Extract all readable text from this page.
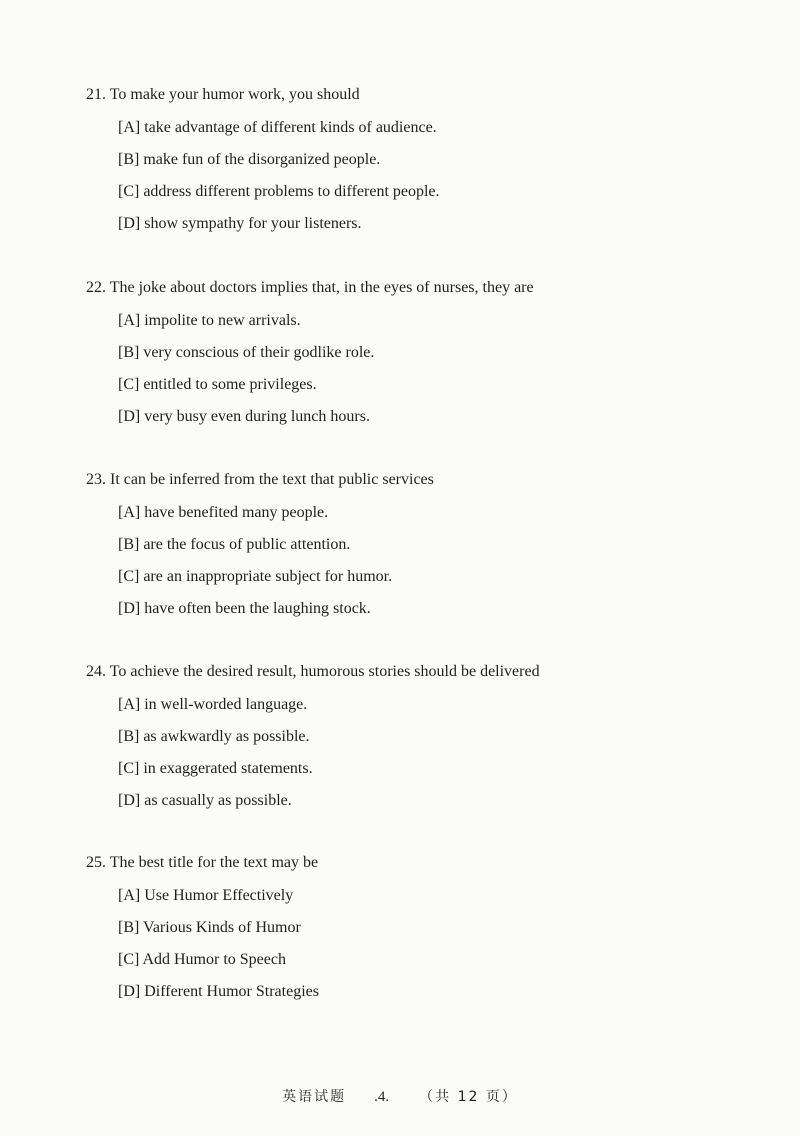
21. To make your humor work, you should
[A] take advantage of different kinds of audience.
[B] make fun of the disorganized people.
[C] address different problems to different people.
[D] show sympathy for your listeners.
22. The joke about doctors implies that, in the eyes of nurses, they are
[A] impolite to new arrivals.
[B] very conscious of their godlike role.
[C] entitled to some privileges.
[D] very busy even during lunch hours.
23. It can be inferred from the text that public services
[A] have benefited many people.
[B] are the focus of public attention.
[C] are an inappropriate subject for humor.
[D] have often been the laughing stock.
24. To achieve the desired result, humorous stories should be delivered
[A] in well-worded language.
[B] as awkwardly as possible.
[C] in exaggerated statements.
[D] as casually as possible.
25. The best title for the text may be
[A] Use Humor Effectively
[B] Various Kinds of Humor
[C] Add Humor to Speech
[D] Different Humor Strategies
英语试题 .4. （共 12 页）
